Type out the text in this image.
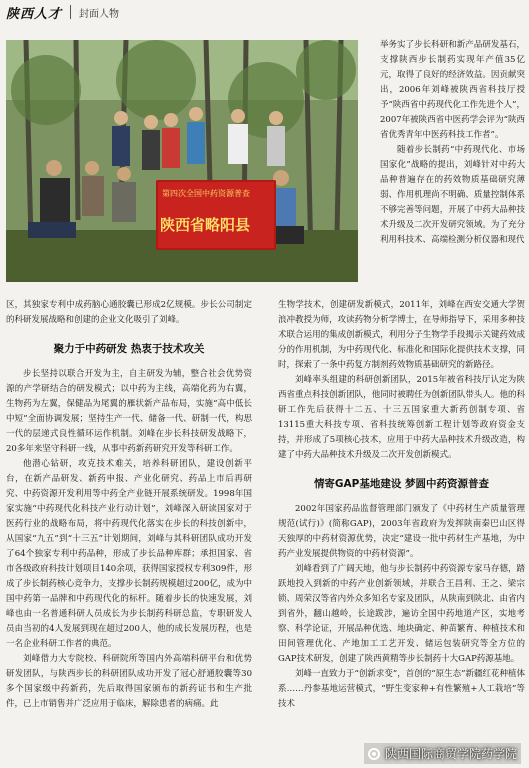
陕西人才 封面人物
第四次全国中药资源普查
陕西省略阳县

举务实了步长科研和新产品研发基石，支撑陕西步长制药实现年产值35亿元，取得了良好的经济效益。因贡献突出，2006年刘峰被陕西省科技厅授予“陕西省中药现代化工作先进个人”，2007年被陕西省中医药学会评为“陕西省优秀青年中医药科技工作者”。

随着步长制药“中药现代化、市场国家化”战略的提出，刘峰针对中药大品种普遍存在的药效物质基础研究薄弱、作用机理尚不明确、质量控制体系不够完善等问题，开展了中药大品种技术升级及二次开发研究领域。为了充分利用科技术、高端检测分析仪器和现代

区，其独家专利中成药脑心通胶囊已形成2亿规模。步长公司制定的科研发展战略和创建的企业文化吸引了刘峰。

聚力于中药研发 热衷于技术攻关

步长坚持以联合开发为主，自主研发为辅，整合社会优势资源的产学研结合的研发模式；以中药为主线，高端化药为右翼，生物药为左翼，保健品为尾翼的雁状新产品布局，实施“高中低长中短”全面协调发展；坚持生产一代、储备一代、研制一代，构思一代的层递式良性循环运作机制。刘峰在步长科技研发战略下，20多年来坚守科研一线，从事中药新药研究开发等科研工作。

他潜心钻研，攻克技术难关，培养科研团队，建设创新平台，在新产品研发、新药申报、产业化研究、药品上市后再研究、中药资源开发利用等中药全产业链开展系统研发。1998年国家实施“中药现代化科技产业行动计划”，刘峰深入研读国家对于医药行业的战略布局，将中药现代化落实在步长的科技创新中，从国家“九五”到“十三五”计划期间，刘峰与其科研团队成功开发了64个独家专利中药品种，形成了步长品种库群；承担国家、省市各级政府科技计划项目140余项，获得国家授权专利309件，形成了步长制药核心竞争力，支撑步长制药规模超过200亿，成为中国中药第一品牌和中药现代化的标杆。随着步长的快速发展，刘峰也由一名普通科研人员成长为步长制药科研总监，专职研发人员由当初的4人发展到现在超过200人，他的成长发展历程，也是一名企业科研工作者的典范。

刘峰借力大专院校、科研院所等国内外高端科研平台和优势研发团队，与陕西步长的科研团队成功开发了冠心舒通胶囊等30多个国家级中药新药，先后取得国家颁布的新药证书和生产批件，已上市销售并广泛应用于临床，解除患者的病痛。此

生物学技术，创建研发新模式，2011年，刘峰在西安交通大学贺浪冲教授为师，攻读药物分析学博士，在导师指导下，采用多种技术联合运用的集成创新模式，利用分子生物学手段揭示关键药效成分的作用机制，为中药现代化、标准化和国际化提供技术支撑，同时，探索了一条中药复方制剂药效物质基础研究的新路径。

刘峰率头组建的科研创新团队，2015年被省科技厅认定为陕西省重点科技创新团队，他同时被聘任为创新团队带头人。他的科研工作先后获得十二五、十三五国家重大新药创制专项、省13115重大科技专项、省科技统筹创新工程计划等政府资金支持，并形成了5项核心技术，应用于中药大品种技术升级改造，构建了中药大品种技术升级及二次开发创新模式。

情寄GAP基地建设 梦圆中药资源普查

2002年国家药品监督管理部门颁发了《中药材生产质量管理规范(试行)》(简称GAP)，2003年省政府为发挥陕南秦巴山区得天独厚的中药材资源优势，决定“建设一批中药材生产基地，为中药产业发展提供物资的中药材资源”。

刘峰看到了广阔天地，他与步长制药中药资源专家马存德，踏跃地投入到新的中药产业创新领域，并联合王昌利、王之、梁宗锁、周荣汉等省内外众多知名专家及团队，从陕南到陕北、由省内到省外，翻山越岭，长途跋涉，遍访全国中药地道产区，实地考察、科学论证，开展品种优选、地块确定、种苗繁育、种植技术和田间管理优化、产地加工工艺开发、储运包装研究等全方位的GAP技术研发，创建了陕西黄精等步长制药十大GAP药源基地。

刘峰一直致力于“创新求变”，首创的“原生态”新疆红花种植体系……丹参基地运营模式，“野生变家种+有性繁殖+人工栽培”等技术

陕西国际商贸学院药学院
